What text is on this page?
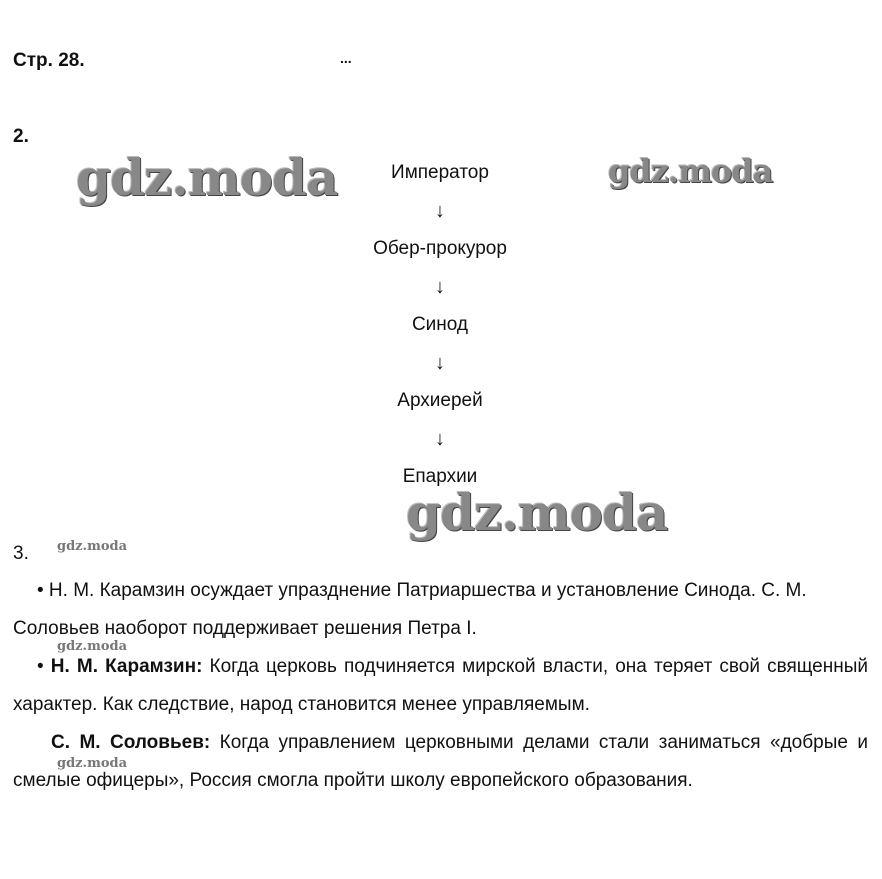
Стр. 28.	...
2.
gdz.moda	gdz.moda
Император
↓
Обер-прокурор
↓
Синод
↓
Архиерей
↓
Епархии
gdz.moda
3. gdz.moda
gdz.moda
gdz.moda

• Н. М. Карамзин осуждает упразднение Патриаршества и установление Синода. С. М. Соловьев наоборот поддерживает решения Петра I.

• Н. М. Карамзин: Когда церковь подчиняется мирской власти, она теряет свой священный характер. Как следствие, народ становится менее управляемым.

С. М. Соловьев: Когда управлением церковными делами стали заниматься «добрые и смелые офицеры», Россия смогла пройти школу европейского образования.
